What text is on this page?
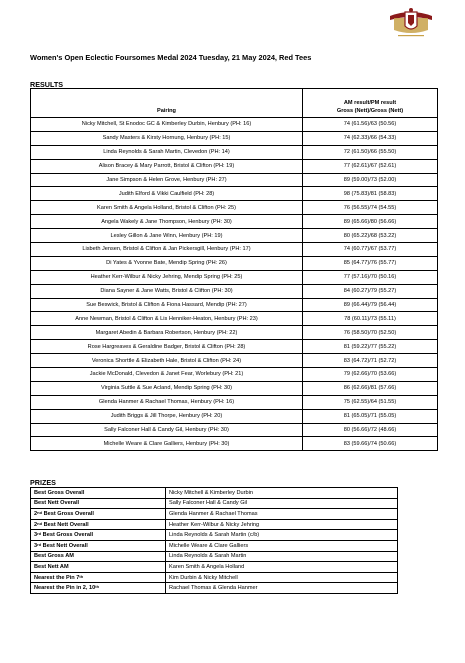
Women's Open Eclectic Foursomes Medal 2024 Tuesday, 21 May 2024, Red Tees
RESULTS
Pairing	AM result/PM result
Gross (Nett)/Gross (Nett)

Nicky Mitchell, St Enodoc GC & Kimberley Durbin, Henbury (PH: 16)	74 (61.56)/63 (50.56)
Sandy Masters & Kirsty Hornung, Henbury (PH: 15)	74 (62.33)/66 (54.33)
Linda Reynolds & Sarah Martin, Clevedon (PH: 14)	72 (61.50)/66 (55.50)
Alison Bracey & Mary Parrott, Bristol & Clifton (PH: 19)	77 (62.61)/67 (52.61)
Jane Simpson & Helen Grove, Henbury (PH: 27)	89 (59.00)/73 (52.00)
Judith Elford & Vikki Caulfield (PH: 28)	98 (75.83)/81 (58.83)
Karen Smith & Angela Holland, Bristol & Clifton (PH: 25)	76 (56.55)/74 (54.55)
Angela Wakely & Jane Thompson, Henbury (PH: 30)	89 (65.66)/80 (56.66)
Lesley Gillon & Jane Winn, Henbury (PH: 19)	80 (65.22)/68 (53.22)
Lisbeth Jensen, Bristol & Clifton & Jan Pickersgill, Henbury (PH: 17)	74 (60.77)/67 (53.77)
Di Yates & Yvonne Bate, Mendip Spring (PH: 26)	85 (64.77)/76 (55.77)
Heather Kerr-Wilbur & Nicky Jehring, Mendip Spring (PH: 25)	77 (57.16)/70 (50.16)
Diana Sayner & Jane Watts, Bristol & Clifton (PH: 30)	84 (60.27)/79 (55.27)
Sue Beswick, Bristol & Clifton & Fiona Hassard, Mendip (PH: 27)	89 (66.44)/79 (56.44)
Anne Newman, Bristol & Clifton & Lis Henniker-Heaton, Henbury (PH: 23)	78 (60.11)/73 (55.11)
Margaret Abedin & Barbara Robertson, Henbury (PH: 22)	76 (58.50)/70 (52.50)
Rose Hargreaves & Geraldine Badger, Bristol & Clifton (PH: 28)	81 (59.22)/77 (55.22)
Veronica Shorttle & Elizabeth Hale, Bristol & Clifton (PH: 24)	83 (64.72)/71 (52.72)
Jackie McDonald, Clevedon & Janet Fear, Worlebury (PH: 21)	79 (62.66)/70 (53.66)
Virginia Suttle & Sue Acland, Mendip Spring (PH: 30)	86 (62.66)/81 (57.66)
Glenda Hanmer & Rachael Thomas, Henbury (PH: 16)	75 (62.55)/64 (51.55)
Judith Briggs & Jill Thorpe, Henbury (PH: 20)	81 (65.05)/71 (55.05)
Sally Falconer Hall & Candy Gil, Henbury (PH: 30)	80 (56.66)/72 (48.66)
Michelle Weare & Clare Galliers, Henbury (PH: 30)	83 (59.66)/74 (50.66)
PRIZES
Best Gross Overall	Nicky Mitchell & Kimberley Durbin
Best Nett Overall	Sally Falconer Hall & Candy Gil
2nd Best Gross Overall	Glenda Hanmer & Rachael Thomas
2nd Best Nett Overall	Heather Kerr-Wilbur & Nicky Jehring
3rd Best Gross Overall	Linda Reynolds & Sarah Martin (c/b)
3rd Best Nett Overall	Michelle Weare & Clare Galliers
Best Gross AM	Linda Reynolds & Sarah Martin
Best Nett AM	Karen Smith & Angela Holland
Nearest the Pin 7th	Kim Durbin & Nicky Mitchell
Nearest the Pin in 2, 10th	Rachael Thomas & Glenda Hanmer
